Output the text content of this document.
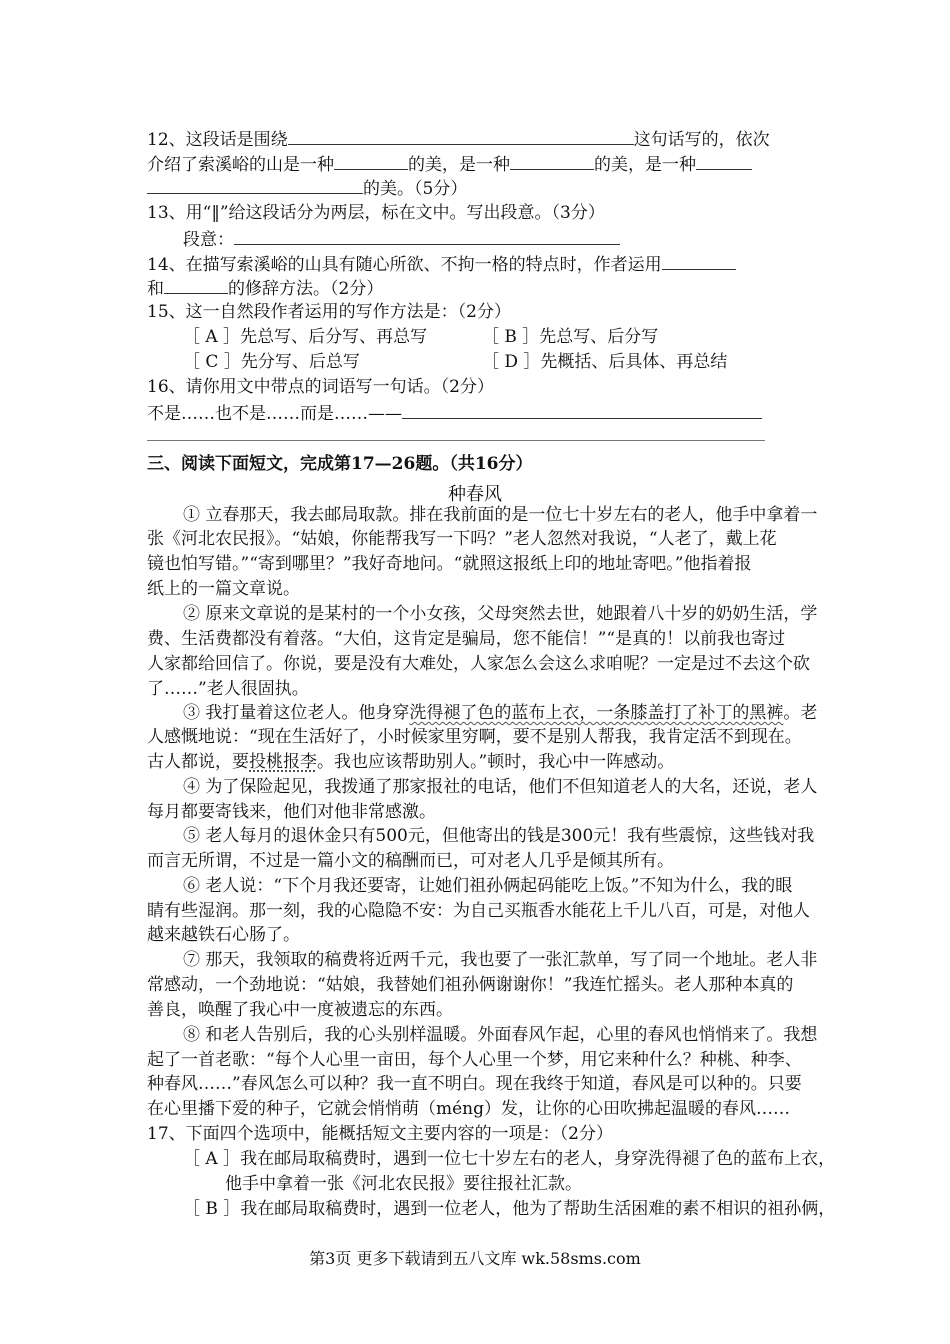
12、这段话是围绕	这句话写的，依次
介绍了索溪峪的山是一种	的美，是一种	的美，是一种
的美。（5分）
13、用“‖”给这段话分为两层，标在文中。写出段意。（3分）
段意：
14、在描写索溪峪的山具有随心所欲、不拘一格的特点时，作者运用
和	的修辞方法。（2分）
15、这一自然段作者运用的写作方法是：（2分）
［ A ］先总写、后分写、再总写	［ B ］先总写、后分写
［ C ］先分写、后总写	［ D ］先概括、后具体、再总结
16、请你用文中带点的词语写一句话。（2分）
不是……也不是……而是……——
三、阅读下面短文，完成第17—26题。（共16分）
种春风
① 立春那天，我去邮局取款。排在我前面的是一位七十岁左右的老人，他手中拿着一
张《河北农民报》。“姑娘，你能帮我写一下吗？”老人忽然对我说，“人老了，戴上花
镜也怕写错。”“寄到哪里？”我好奇地问。“就照这报纸上印的地址寄吧。”他指着报
纸上的一篇文章说。
② 原来文章说的是某村的一个小女孩，父母突然去世，她跟着八十岁的奶奶生活，学
费、生活费都没有着落。“大伯，这肯定是骗局，您不能信！”“是真的！以前我也寄过
人家都给回信了。你说，要是没有大难处，人家怎么会这么求咱呢？一定是过不去这个砍
了……”老人很固执。
③ 我打量着这位老人。他身穿洗得褪了色的蓝布上衣，一条膝盖打了补丁的黑裤。老
人感慨地说：“现在生活好了，小时候家里穷啊，要不是别人帮我，我肯定活不到现在。
古人都说，要投桃报李。我也应该帮助别人。”顿时，我心中一阵感动。
④ 为了保险起见，我拨通了那家报社的电话，他们不但知道老人的大名，还说，老人
每月都要寄钱来，他们对他非常感激。
⑤ 老人每月的退休金只有500元，但他寄出的钱是300元！我有些震惊，这些钱对我
而言无所谓，不过是一篇小文的稿酬而已，可对老人几乎是倾其所有。
⑥ 老人说：“下个月我还要寄，让她们祖孙俩起码能吃上饭。”不知为什么，我的眼
睛有些湿润。那一刻，我的心隐隐不安：为自己买瓶香水能花上千儿八百，可是，对他人
越来越铁石心肠了。
⑦ 那天，我领取的稿费将近两千元，我也要了一张汇款单，写了同一个地址。老人非
常感动，一个劲地说：“姑娘，我替她们祖孙俩谢谢你！”我连忙摇头。老人那种本真的
善良，唤醒了我心中一度被遗忘的东西。
⑧ 和老人告别后，我的心头别样温暖。外面春风乍起，心里的春风也悄悄来了。我想
起了一首老歌：“每个人心里一亩田，每个人心里一个梦，用它来种什么？种桃、种李、
种春风……”春风怎么可以种？我一直不明白。现在我终于知道，春风是可以种的。只要
在心里播下爱的种子，它就会悄悄萌（méng）发，让你的心田吹拂起温暖的春风……
17、下面四个选项中，能概括短文主要内容的一项是：（2分）
［ A ］我在邮局取稿费时，遇到一位七十岁左右的老人，身穿洗得褪了色的蓝布上衣，
他手中拿着一张《河北农民报》要往报社汇款。
［ B ］我在邮局取稿费时，遇到一位老人，他为了帮助生活困难的素不相识的祖孙俩，
第3页 更多下载请到五八文库 wk.58sms.com
